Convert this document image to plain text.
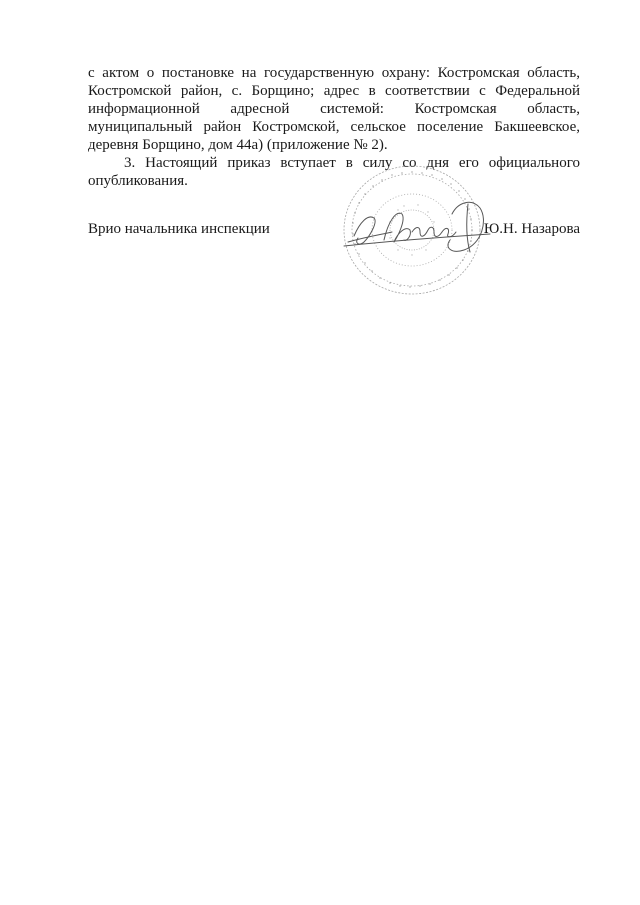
с актом о постановке на государственную охрану: Костромская область, Костромской район, с. Борщино; адрес в соответствии с Федеральной информационной адресной системой: Костромская область, муниципальный район Костромской, сельское поселение Бакшеевское, деревня Борщино, дом 44а) (приложение № 2).

3. Настоящий приказ вступает в силу со дня его официального опубликования.

Врио начальника инспекции	Ю.Н. Назарова
